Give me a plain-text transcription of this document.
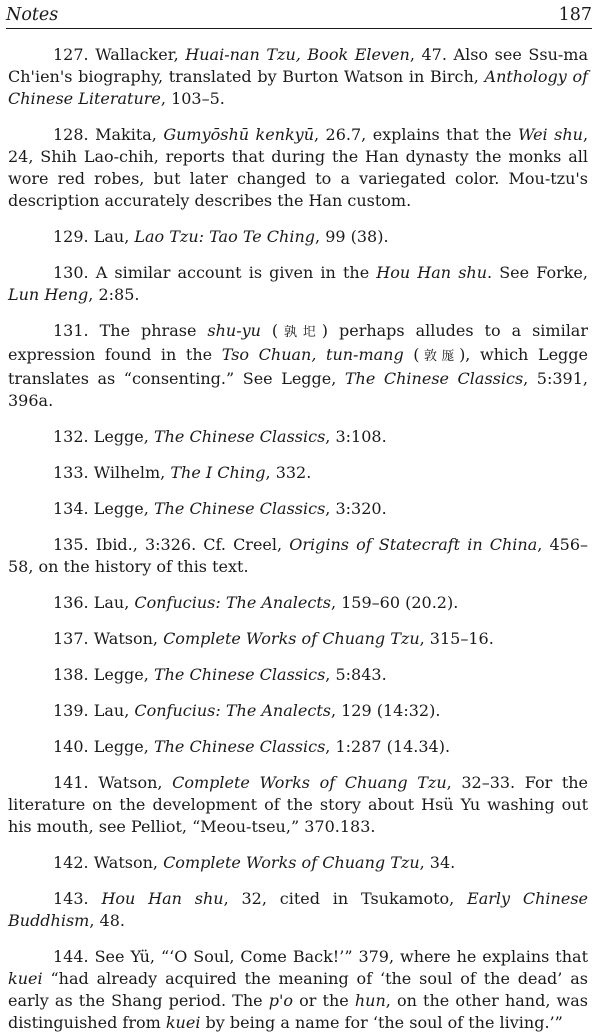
Notes	187

127. Wallacker, Huai-nan Tzu, Book Eleven, 47. Also see Ssu-ma Ch'ien's biography, translated by Burton Watson in Birch, Anthology of Chinese Literature, 103–5.

128. Makita, Gumyōshū kenkyū, 26.7, explains that the Wei shu, 24, Shih Lao-chih, reports that during the Han dynasty the monks all wore red robes, but later changed to a variegated color. Mou-tzu's description accurately describes the Han custom.

129. Lau, Lao Tzu: Tao Te Ching, 99 (38).

130. A similar account is given in the Hou Han shu. See Forke, Lun Heng, 2:85.

131. The phrase shu-yu (孰圯) perhaps alludes to a similar expression found in the Tso Chuan, tun-mang (敦厖), which Legge translates as “consenting.” See Legge, The Chinese Classics, 5:391, 396a.

132. Legge, The Chinese Classics, 3:108.

133. Wilhelm, The I Ching, 332.

134. Legge, The Chinese Classics, 3:320.

135. Ibid., 3:326. Cf. Creel, Origins of Statecraft in China, 456–58, on the history of this text.

136. Lau, Confucius: The Analects, 159–60 (20.2).

137. Watson, Complete Works of Chuang Tzu, 315–16.

138. Legge, The Chinese Classics, 5:843.

139. Lau, Confucius: The Analects, 129 (14:32).

140. Legge, The Chinese Classics, 1:287 (14.34).

141. Watson, Complete Works of Chuang Tzu, 32–33. For the literature on the development of the story about Hsü Yu washing out his mouth, see Pelliot, “Meou-tseu,” 370.183.

142. Watson, Complete Works of Chuang Tzu, 34.

143. Hou Han shu, 32, cited in Tsukamoto, Early Chinese Buddhism, 48.

144. See Yü, “‘O Soul, Come Back!’” 379, where he explains that kuei “had already acquired the meaning of ‘the soul of the dead’ as early as the Shang period. The p'o or the hun, on the other hand, was distinguished from kuei by being a name for ‘the soul of the living.’”
